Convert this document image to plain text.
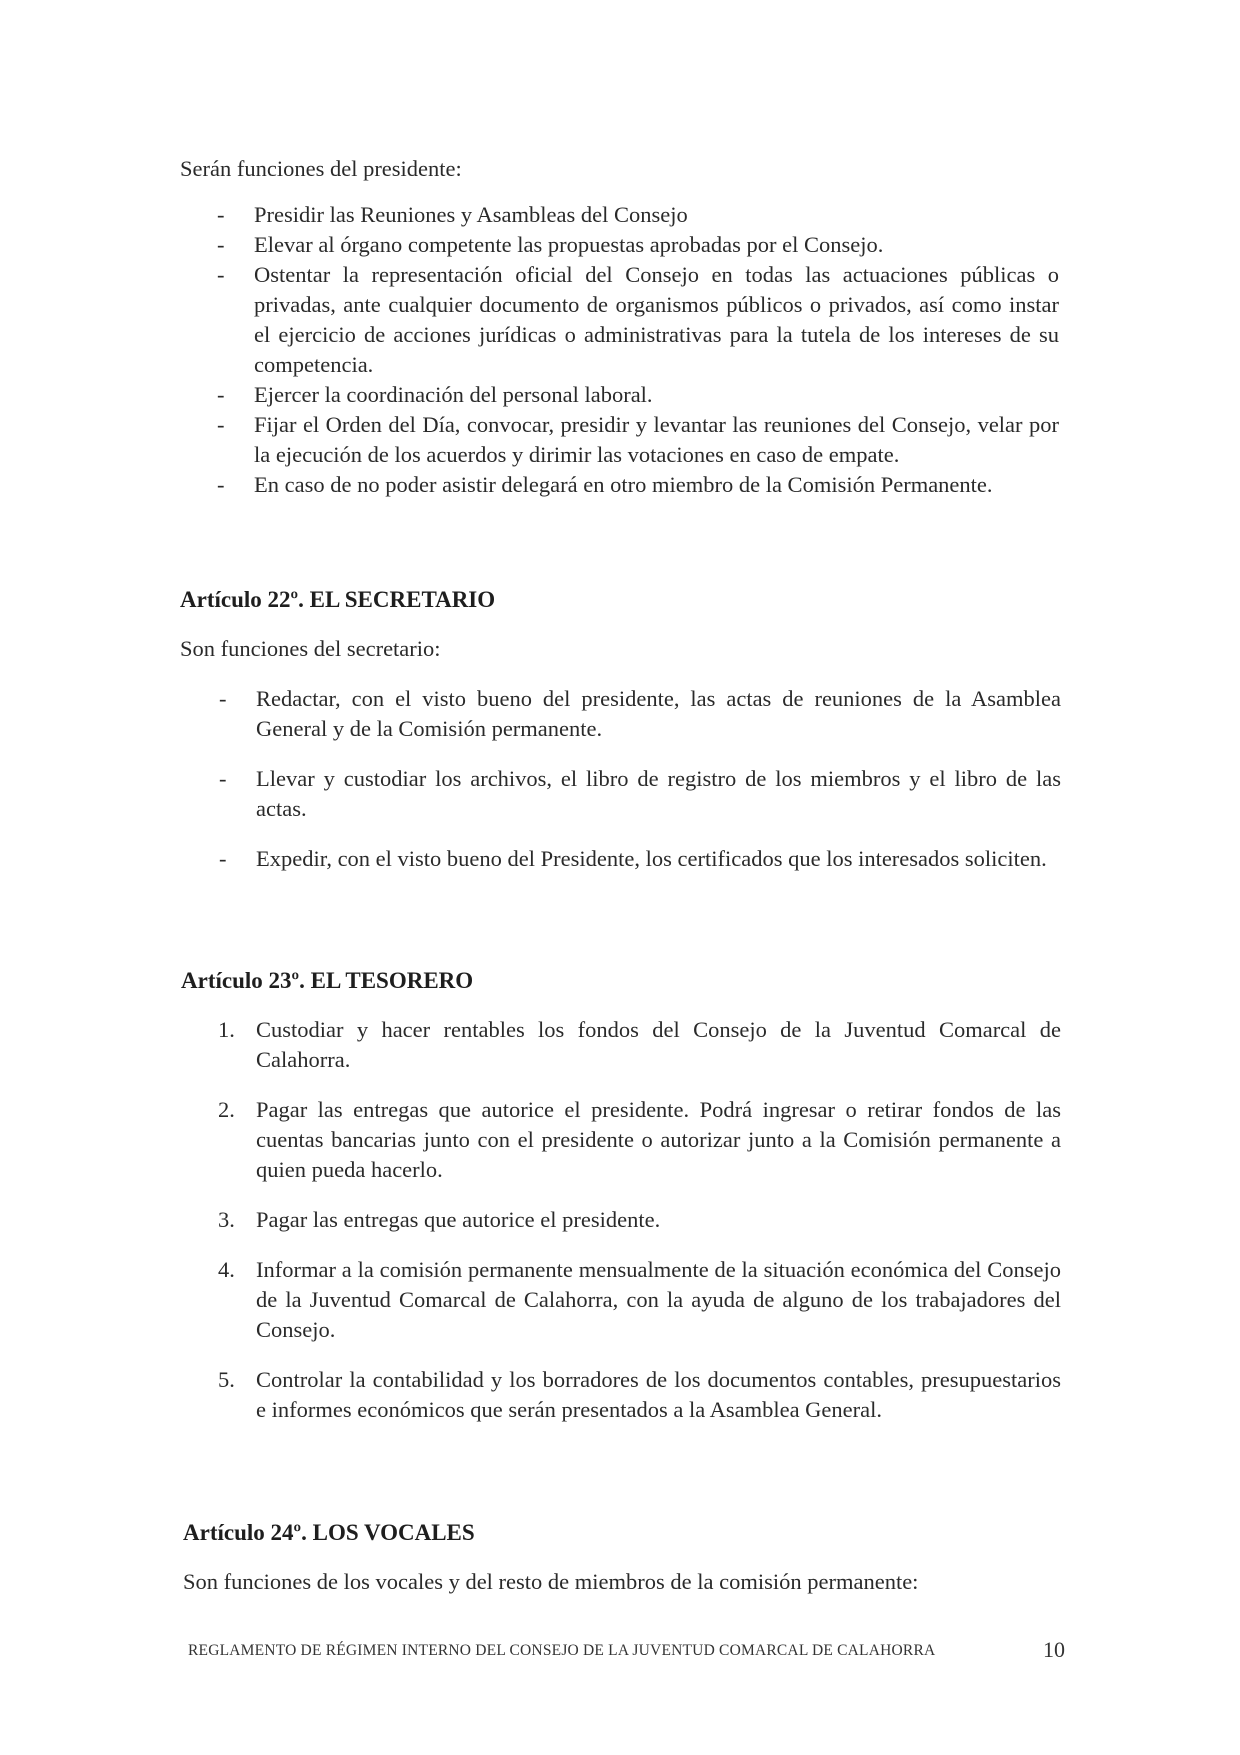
Serán funciones del presidente:

- Presidir las Reuniones y Asambleas del Consejo
- Elevar al órgano competente las propuestas aprobadas por el Consejo.
- Ostentar la representación oficial del Consejo en todas las actuaciones públicas o privadas, ante cualquier documento de organismos públicos o privados, así como instar el ejercicio de acciones jurídicas o administrativas para la tutela de los intereses de su competencia.
- Ejercer la coordinación del personal laboral.
- Fijar el Orden del Día, convocar, presidir y levantar las reuniones del Consejo, velar por la ejecución de los acuerdos y dirimir las votaciones en caso de empate.
- En caso de no poder asistir delegará en otro miembro de la Comisión Permanente.
Artículo 22º. EL SECRETARIO

Son funciones del secretario:

- Redactar, con el visto bueno del presidente, las actas de reuniones de la Asamblea General y de la Comisión permanente.
- Llevar y custodiar los archivos, el libro de registro de los miembros y el libro de las actas.
- Expedir, con el visto bueno del Presidente, los certificados que los interesados soliciten.
Artículo 23º. EL TESORERO
1. Custodiar y hacer rentables los fondos del Consejo de la Juventud Comarcal de Calahorra.
2. Pagar las entregas que autorice el presidente. Podrá ingresar o retirar fondos de las cuentas bancarias junto con el presidente o autorizar junto a la Comisión permanente a quien pueda hacerlo.
3. Pagar las entregas que autorice el presidente.
4. Informar a la comisión permanente mensualmente de la situación económica del Consejo de la Juventud Comarcal de Calahorra, con la ayuda de alguno de los trabajadores del Consejo.
5. Controlar la contabilidad y los borradores de los documentos contables, presupuestarios e informes económicos que serán presentados a la Asamblea General.
Artículo 24º. LOS VOCALES

Son funciones de los vocales y del resto de miembros de la comisión permanente:

REGLAMENTO DE RÉGIMEN INTERNO DEL CONSEJO DE LA JUVENTUD COMARCAL DE CALAHORRA	10
